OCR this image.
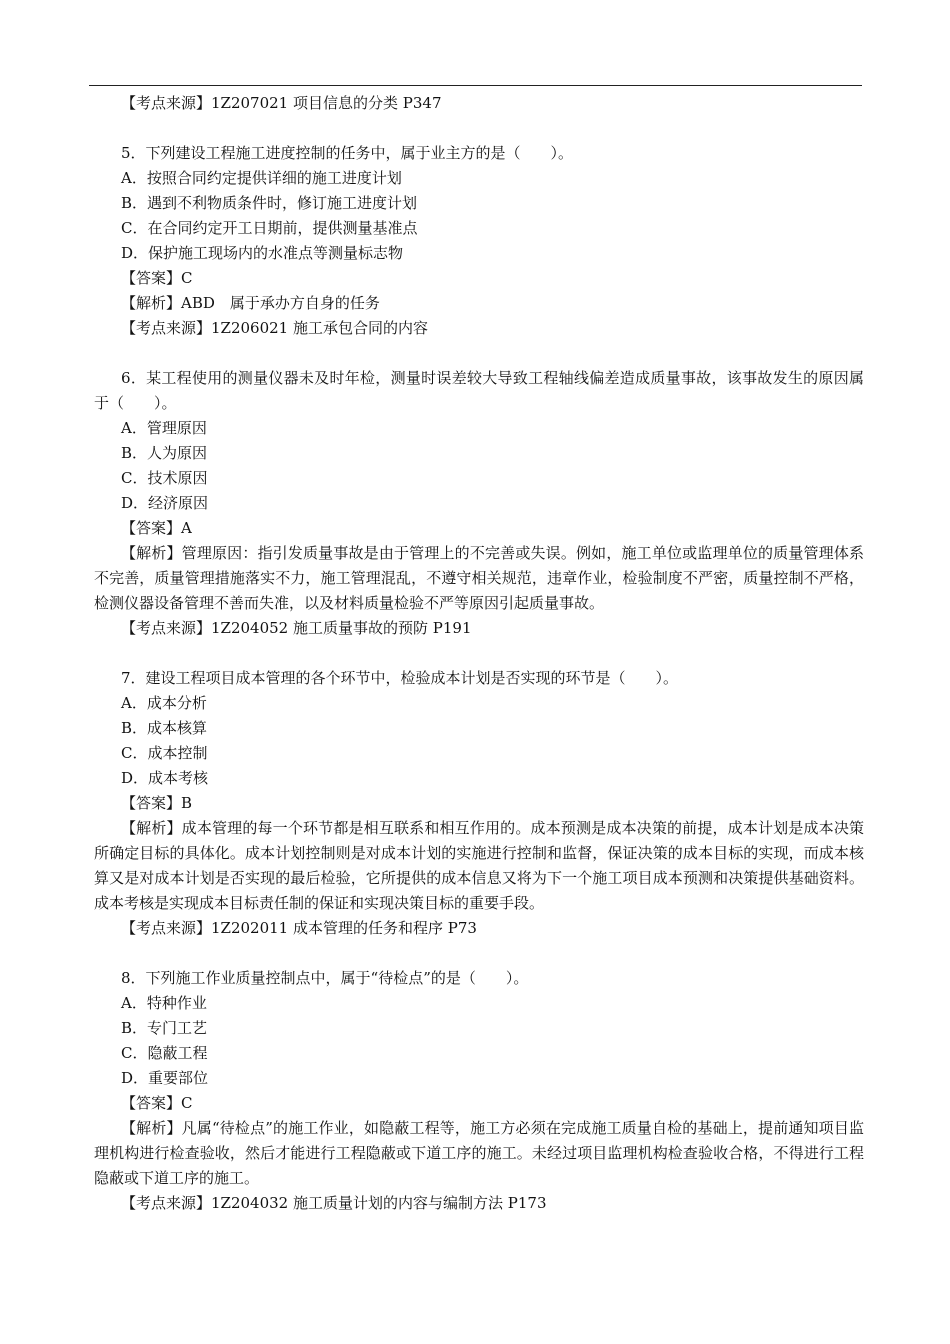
【考点来源】1Z207021 项目信息的分类 P347
5．下列建设工程施工进度控制的任务中，属于业主方的是（　　）。
A．按照合同约定提供详细的施工进度计划
B．遇到不利物质条件时，修订施工进度计划
C．在合同约定开工日期前，提供测量基准点
D．保护施工现场内的水准点等测量标志物
【答案】C
【解析】ABD　属于承办方自身的任务
【考点来源】1Z206021 施工承包合同的内容
6．某工程使用的测量仪器未及时年检，测量时误差较大导致工程轴线偏差造成质量事故，该事故发生的原因属于（　　）。
A．管理原因
B．人为原因
C．技术原因
D．经济原因
【答案】A
【解析】管理原因：指引发质量事故是由于管理上的不完善或失误。例如，施工单位或监理单位的质量管理体系不完善，质量管理措施落实不力，施工管理混乱，不遵守相关规范，违章作业，检验制度不严密，质量控制不严格，检测仪器设备管理不善而失准，以及材料质量检验不严等原因引起质量事故。
【考点来源】1Z204052 施工质量事故的预防 P191
7．建设工程项目成本管理的各个环节中，检验成本计划是否实现的环节是（　　）。
A．成本分析
B．成本核算
C．成本控制
D．成本考核
【答案】B
【解析】成本管理的每一个环节都是相互联系和相互作用的。成本预测是成本决策的前提，成本计划是成本决策所确定目标的具体化。成本计划控制则是对成本计划的实施进行控制和监督，保证决策的成本目标的实现，而成本核算又是对成本计划是否实现的最后检验，它所提供的成本信息又将为下一个施工项目成本预测和决策提供基础资料。成本考核是实现成本目标责任制的保证和实现决策目标的重要手段。
【考点来源】1Z202011 成本管理的任务和程序 P73
8．下列施工作业质量控制点中，属于“待检点”的是（　　）。
A．特种作业
B．专门工艺
C．隐蔽工程
D．重要部位
【答案】C
【解析】凡属“待检点”的施工作业，如隐蔽工程等，施工方必须在完成施工质量自检的基础上，提前通知项目监理机构进行检查验收，然后才能进行工程隐蔽或下道工序的施工。未经过项目监理机构检查验收合格，不得进行工程隐蔽或下道工序的施工。
【考点来源】1Z204032 施工质量计划的内容与编制方法 P173
